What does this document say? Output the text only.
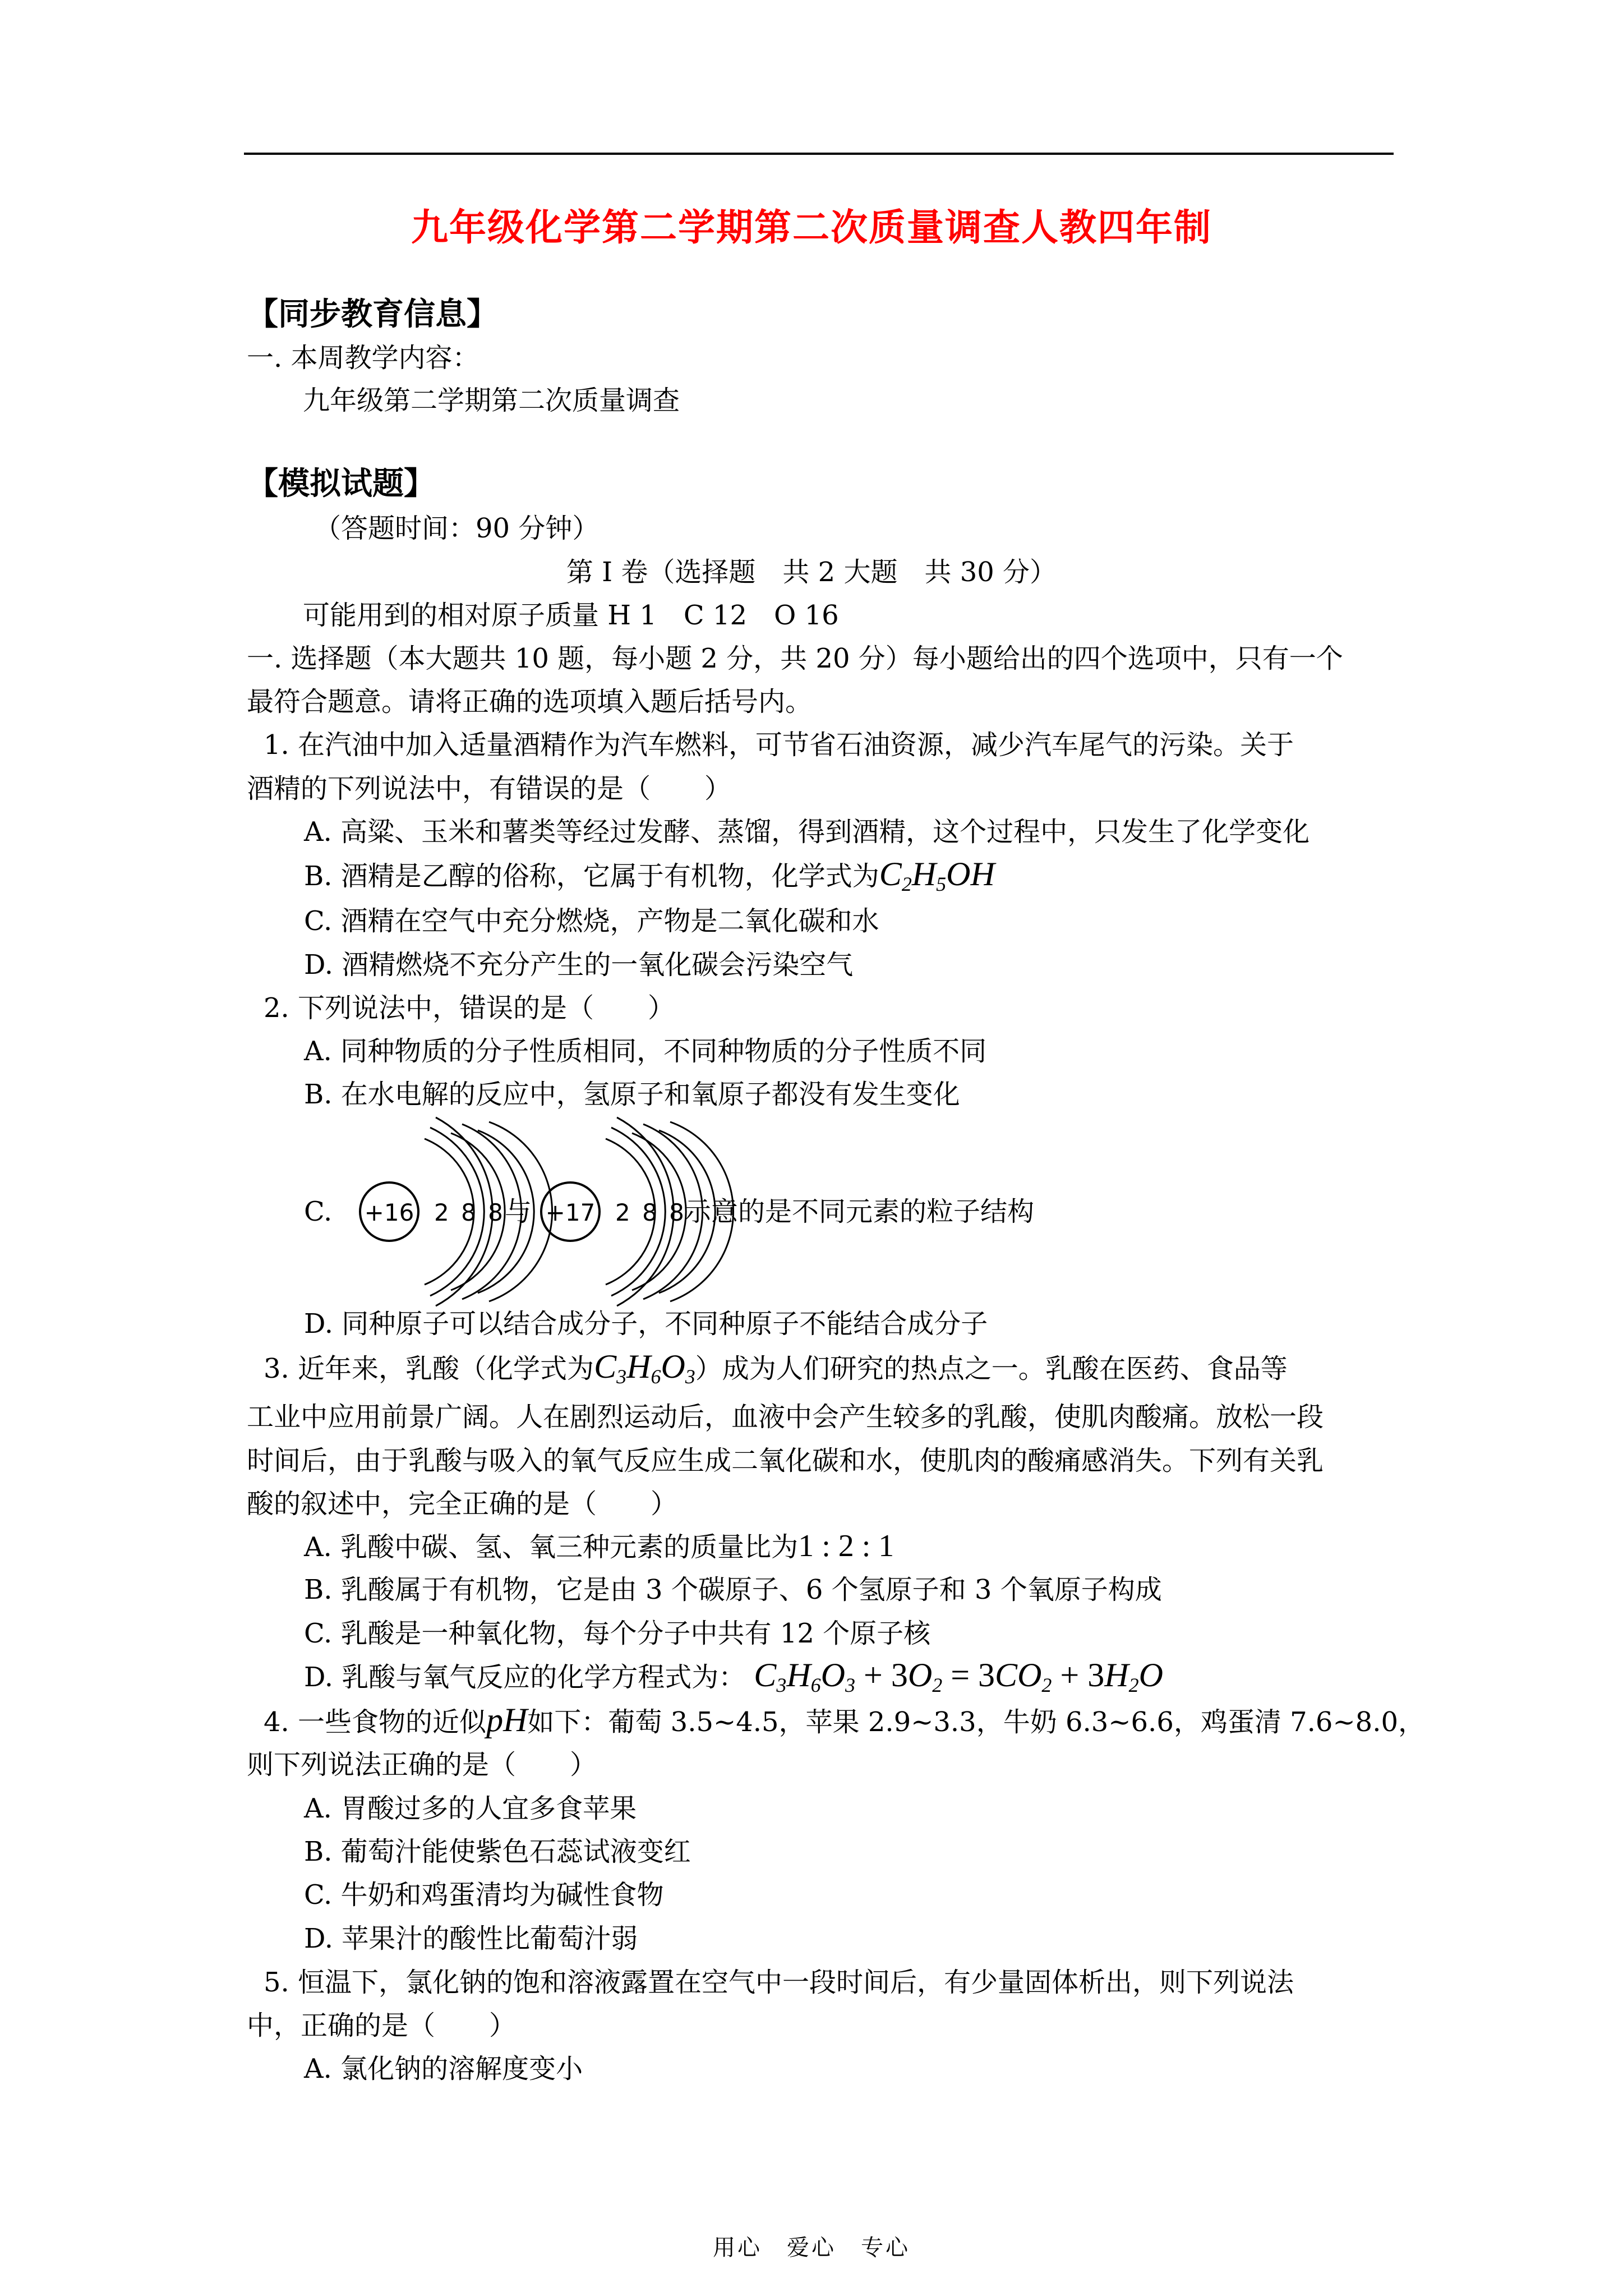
九年级化学第二学期第二次质量调查人教四年制
【同步教育信息】
一. 本周教学内容：
九年级第二学期第二次质量调查
【模拟试题】
（答题时间：90 分钟）
第 I 卷（选择题　共 2 大题　共 30 分）
可能用到的相对原子质量 H 1　C 12　O 16
一. 选择题（本大题共 10 题，每小题 2 分，共 20 分）每小题给出的四个选项中，只有一个
最符合题意。请将正确的选项填入题后括号内。
1. 在汽油中加入适量酒精作为汽车燃料，可节省石油资源，减少汽车尾气的污染。关于
酒精的下列说法中，有错误的是（　　）
A. 高粱、玉米和薯类等经过发酵、蒸馏，得到酒精，这个过程中，只发生了化学变化
B. 酒精是乙醇的俗称，它属于有机物，化学式为$C_2H_5OH$
C. 酒精在空气中充分燃烧，产物是二氧化碳和水
D. 酒精燃烧不充分产生的一氧化碳会污染空气
2. 下列说法中，错误的是（　　）
A. 同种物质的分子性质相同，不同种物质的分子性质不同
B. 在水电解的反应中，氢原子和氧原子都没有发生变化
C. +16 2 8 8 与 +17 2 8 8
示意的是不同元素的粒子结构
D. 同种原子可以结合成分子，不同种原子不能结合成分子
3. 近年来，乳酸（化学式为$C_3H_6O_3$）成为人们研究的热点之一。乳酸在医药、食品等
工业中应用前景广阔。人在剧烈运动后，血液中会产生较多的乳酸，使肌肉酸痛。放松一段
时间后，由于乳酸与吸入的氧气反应生成二氧化碳和水，使肌肉的酸痛感消失。下列有关乳
酸的叙述中，完全正确的是（　　）
A. 乳酸中碳、氢、氧三种元素的质量比为1 : 2 : 1
B. 乳酸属于有机物，它是由 3 个碳原子、6 个氢原子和 3 个氧原子构成
C. 乳酸是一种氧化物，每个分子中共有 12 个原子核
D. 乳酸与氧气反应的化学方程式为： $C_3H_6O_3 + 3O_2 = 3CO_2 + 3H_2O$
4. 一些食物的近似pH如下：葡萄 3.5~4.5，苹果 2.9~3.3，牛奶 6.3~6.6，鸡蛋清 7.6~8.0，
则下列说法正确的是（　　）
A. 胃酸过多的人宜多食苹果
B. 葡萄汁能使紫色石蕊试液变红
C. 牛奶和鸡蛋清均为碱性食物
D. 苹果汁的酸性比葡萄汁弱
5. 恒温下，氯化钠的饱和溶液露置在空气中一段时间后，有少量固体析出，则下列说法
中，正确的是（　　）
A. 氯化钠的溶解度变小
用心　爱心　专心
